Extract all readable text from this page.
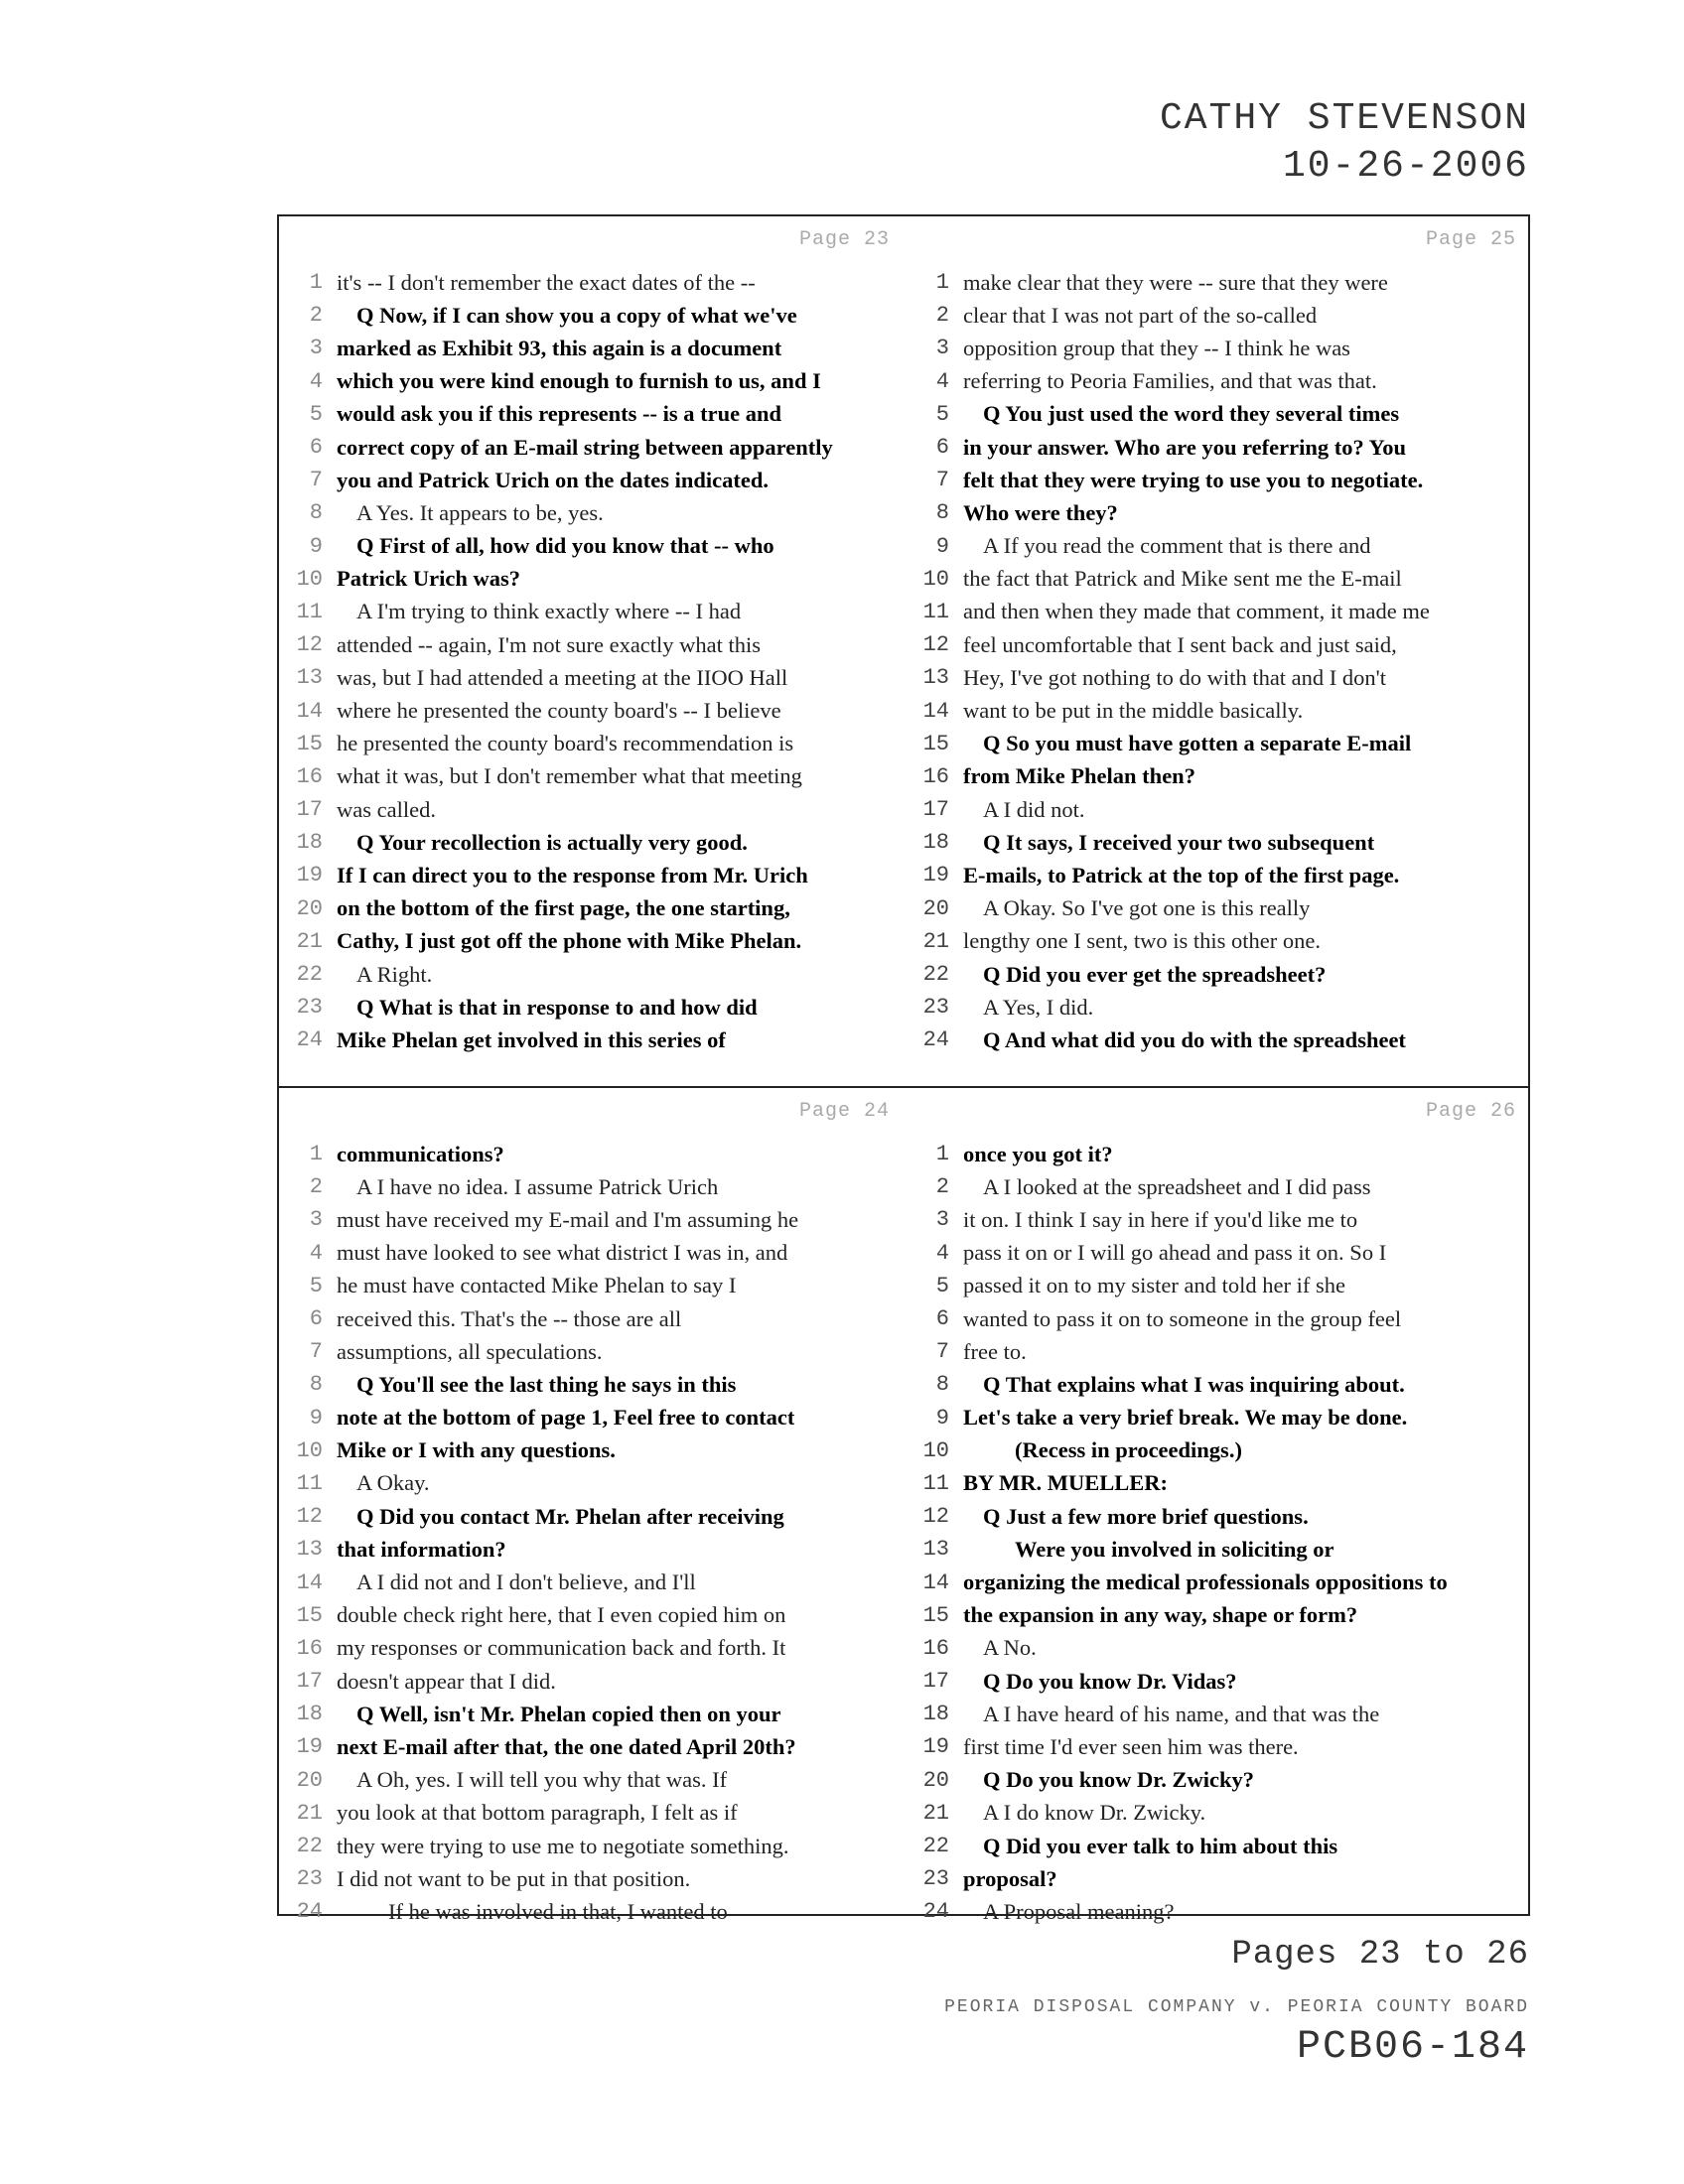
CATHY STEVENSON
10-26-2006
Page 23
1 it's -- I don't remember the exact dates of the --
2	Q Now, if I can show you a copy of what we've
3 marked as Exhibit 93, this again is a document
4 which you were kind enough to furnish to us, and I
5 would ask you if this represents -- is a true and
6 correct copy of an E-mail string between apparently
7 you and Patrick Urich on the dates indicated.
8	A Yes. It appears to be, yes.
9	Q First of all, how did you know that -- who
10 Patrick Urich was?
11	A I'm trying to think exactly where -- I had
12 attended -- again, I'm not sure exactly what this
13 was, but I had attended a meeting at the IIOO Hall
14 where he presented the county board's -- I believe
15 he presented the county board's recommendation is
16 what it was, but I don't remember what that meeting
17 was called.
18	Q Your recollection is actually very good.
19 If I can direct you to the response from Mr. Urich
20 on the bottom of the first page, the one starting,
21 Cathy, I just got off the phone with Mike Phelan.
22	A Right.
23	Q What is that in response to and how did
24 Mike Phelan get involved in this series of
Page 25
1 make clear that they were -- sure that they were
2 clear that I was not part of the so-called
3 opposition group that they -- I think he was
4 referring to Peoria Families, and that was that.
5	Q You just used the word they several times
6 in your answer. Who are you referring to? You
7 felt that they were trying to use you to negotiate.
8 Who were they?
9	A If you read the comment that is there and
10 the fact that Patrick and Mike sent me the E-mail
11 and then when they made that comment, it made me
12 feel uncomfortable that I sent back and just said,
13 Hey, I've got nothing to do with that and I don't
14 want to be put in the middle basically.
15	Q So you must have gotten a separate E-mail
16 from Mike Phelan then?
17	A I did not.
18	Q It says, I received your two subsequent
19 E-mails, to Patrick at the top of the first page.
20	A Okay. So I've got one is this really
21 lengthy one I sent, two is this other one.
22	Q Did you ever get the spreadsheet?
23	A Yes, I did.
24	Q And what did you do with the spreadsheet
Page 24
1 communications?
2	A I have no idea. I assume Patrick Urich
3 must have received my E-mail and I'm assuming he
4 must have looked to see what district I was in, and
5 he must have contacted Mike Phelan to say I
6 received this. That's the -- those are all
7 assumptions, all speculations.
8	Q You'll see the last thing he says in this
9 note at the bottom of page 1, Feel free to contact
10 Mike or I with any questions.
11	A Okay.
12	Q Did you contact Mr. Phelan after receiving
13 that information?
14	A I did not and I don't believe, and I'll
15 double check right here, that I even copied him on
16 my responses or communication back and forth. It
17 doesn't appear that I did.
18	Q Well, isn't Mr. Phelan copied then on your
19 next E-mail after that, the one dated April 20th?
20	A Oh, yes. I will tell you why that was. If
21 you look at that bottom paragraph, I felt as if
22 they were trying to use me to negotiate something.
23 I did not want to be put in that position.
24	If he was involved in that, I wanted to
Page 26
1 once you got it?
2	A I looked at the spreadsheet and I did pass
3 it on. I think I say in here if you'd like me to
4 pass it on or I will go ahead and pass it on. So I
5 passed it on to my sister and told her if she
6 wanted to pass it on to someone in the group feel
7 free to.
8	Q That explains what I was inquiring about.
9 Let's take a very brief break. We may be done.
10	(Recess in proceedings.)
11 BY MR. MUELLER:
12	Q Just a few more brief questions.
13	Were you involved in soliciting or
14 organizing the medical professionals oppositions to
15 the expansion in any way, shape or form?
16	A No.
17	Q Do you know Dr. Vidas?
18	A I have heard of his name, and that was the
19 first time I'd ever seen him was there.
20	Q Do you know Dr. Zwicky?
21	A I do know Dr. Zwicky.
22	Q Did you ever talk to him about this
23 proposal?
24	A Proposal meaning?
Pages 23 to 26
PEORIA DISPOSAL COMPANY v. PEORIA COUNTY BOARD
PCB06-184
